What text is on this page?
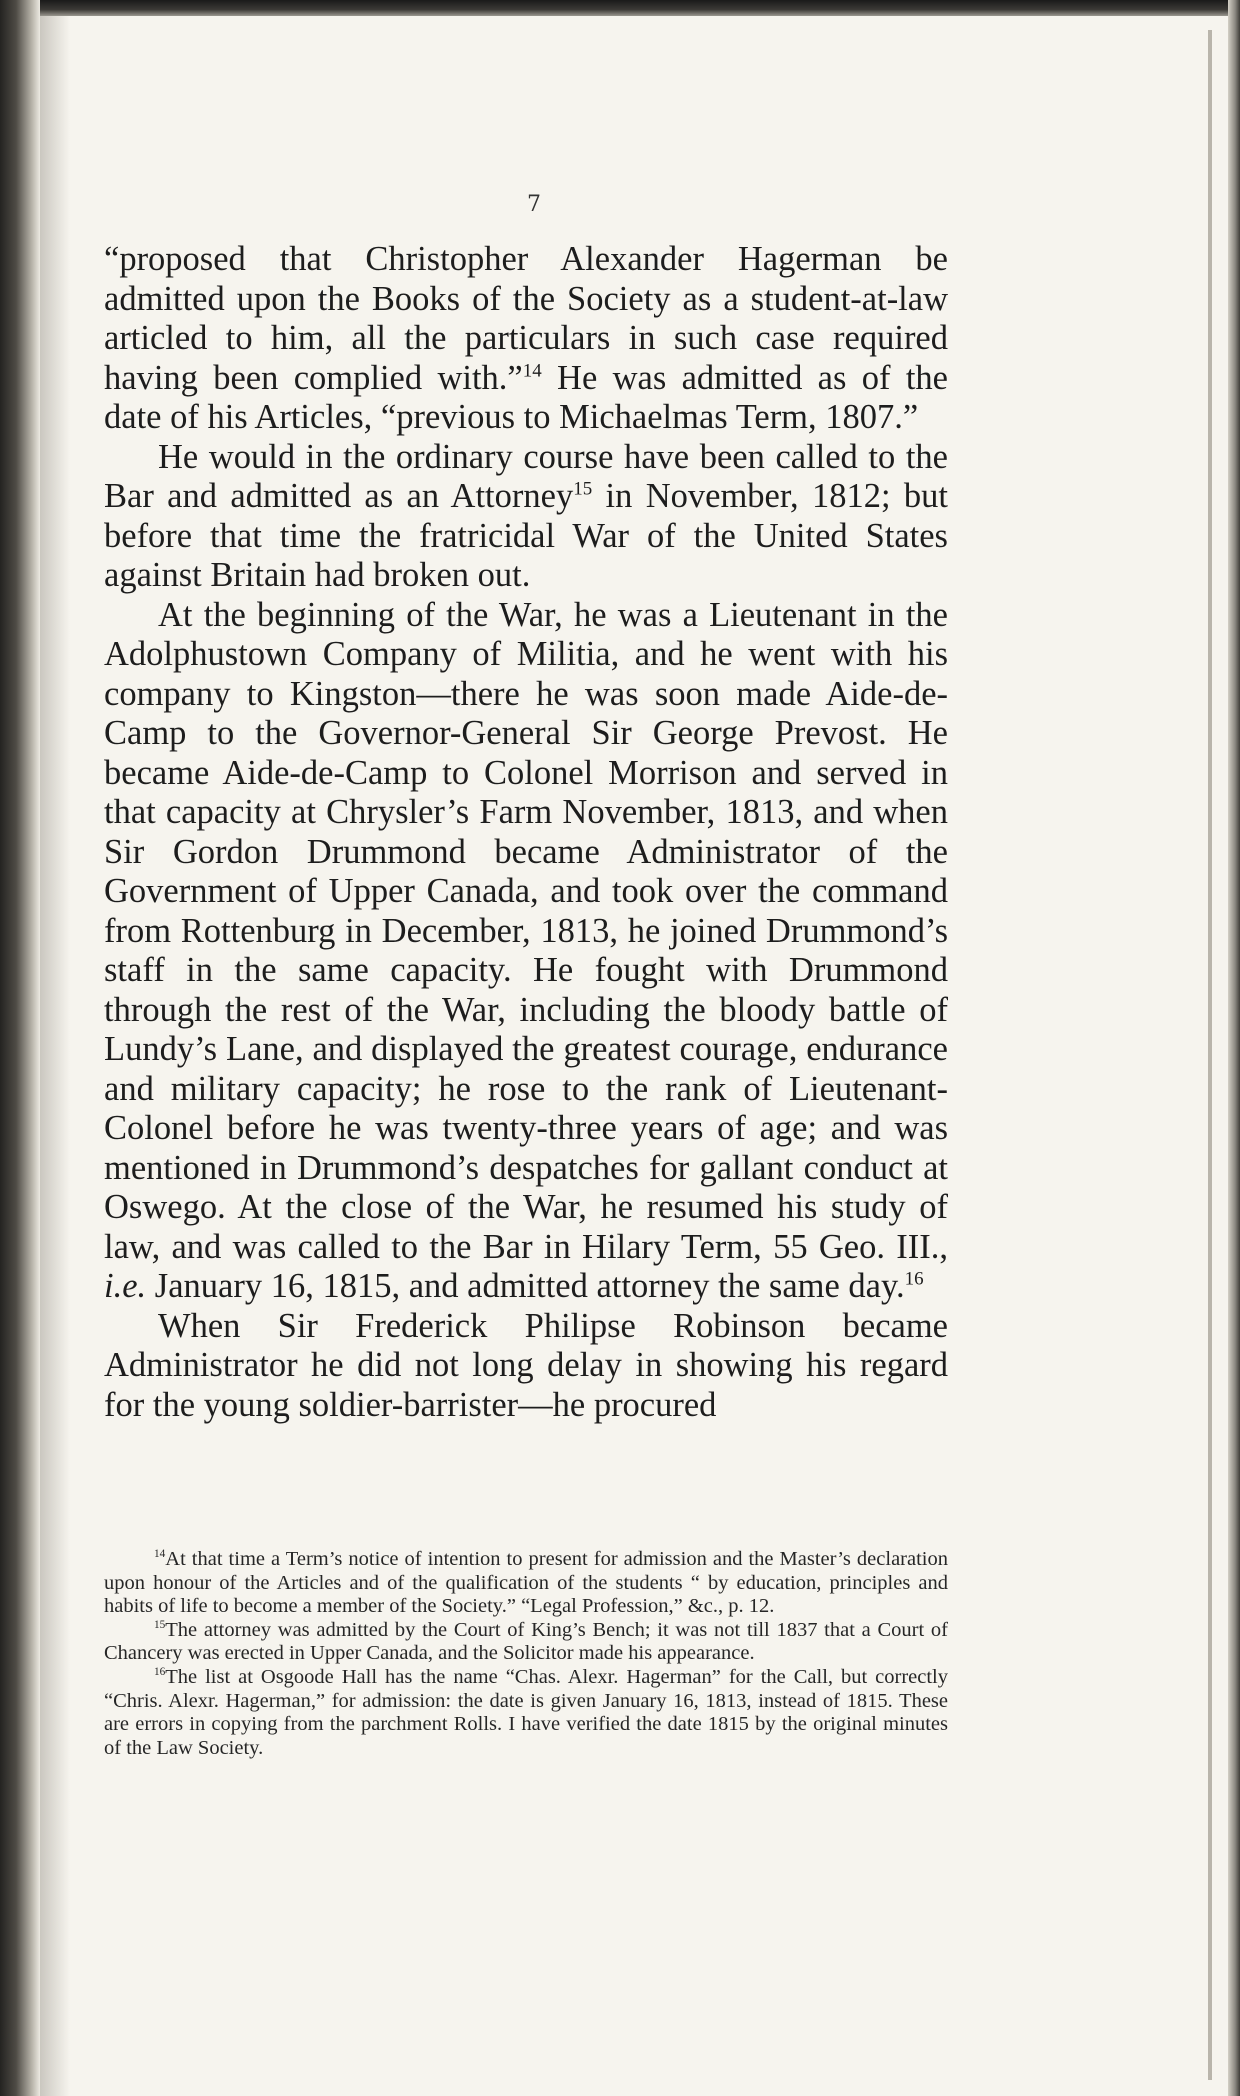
7

“proposed that Christopher Alexander Hagerman be admitted upon the Books of the Society as a student-at-law articled to him, all the particulars in such case required having been complied with.”$^{14}$ He was admitted as of the date of his Articles, “previous to Michaelmas Term, 1807.”

He would in the ordinary course have been called to the Bar and admitted as an Attorney$^{15}$ in November, 1812; but before that time the fratricidal War of the United States against Britain had broken out.

At the beginning of the War, he was a Lieutenant in the Adolphustown Company of Militia, and he went with his company to Kingston—there he was soon made Aide-de-Camp to the Governor-General Sir George Prevost. He became Aide-de-Camp to Colonel Morrison and served in that capacity at Chrysler’s Farm November, 1813, and when Sir Gordon Drummond became Administrator of the Government of Upper Canada, and took over the command from Rottenburg in December, 1813, he joined Drummond’s staff in the same capacity. He fought with Drummond through the rest of the War, including the bloody battle of Lundy’s Lane, and displayed the greatest courage, endurance and military capacity; he rose to the rank of Lieutenant-Colonel before he was twenty-three years of age; and was mentioned in Drummond’s despatches for gallant conduct at Oswego. At the close of the War, he resumed his study of law, and was called to the Bar in Hilary Term, 55 Geo. III., i.e. January 16, 1815, and admitted attorney the same day.$^{16}$

When Sir Frederick Philipse Robinson became Administrator he did not long delay in showing his regard for the young soldier-barrister—he procured

$^{14}$At that time a Term’s notice of intention to present for admission and the Master’s declaration upon honour of the Articles and of the qualification of the students “ by education, principles and habits of life to become a member of the Society.” “Legal Profession,” &c., p. 12.

$^{15}$The attorney was admitted by the Court of King’s Bench; it was not till 1837 that a Court of Chancery was erected in Upper Canada, and the Solicitor made his appearance.

$^{16}$The list at Osgoode Hall has the name “Chas. Alexr. Hagerman” for the Call, but correctly “Chris. Alexr. Hagerman,” for admission: the date is given January 16, 1813, instead of 1815. These are errors in copying from the parchment Rolls. I have verified the date 1815 by the original minutes of the Law Society.
